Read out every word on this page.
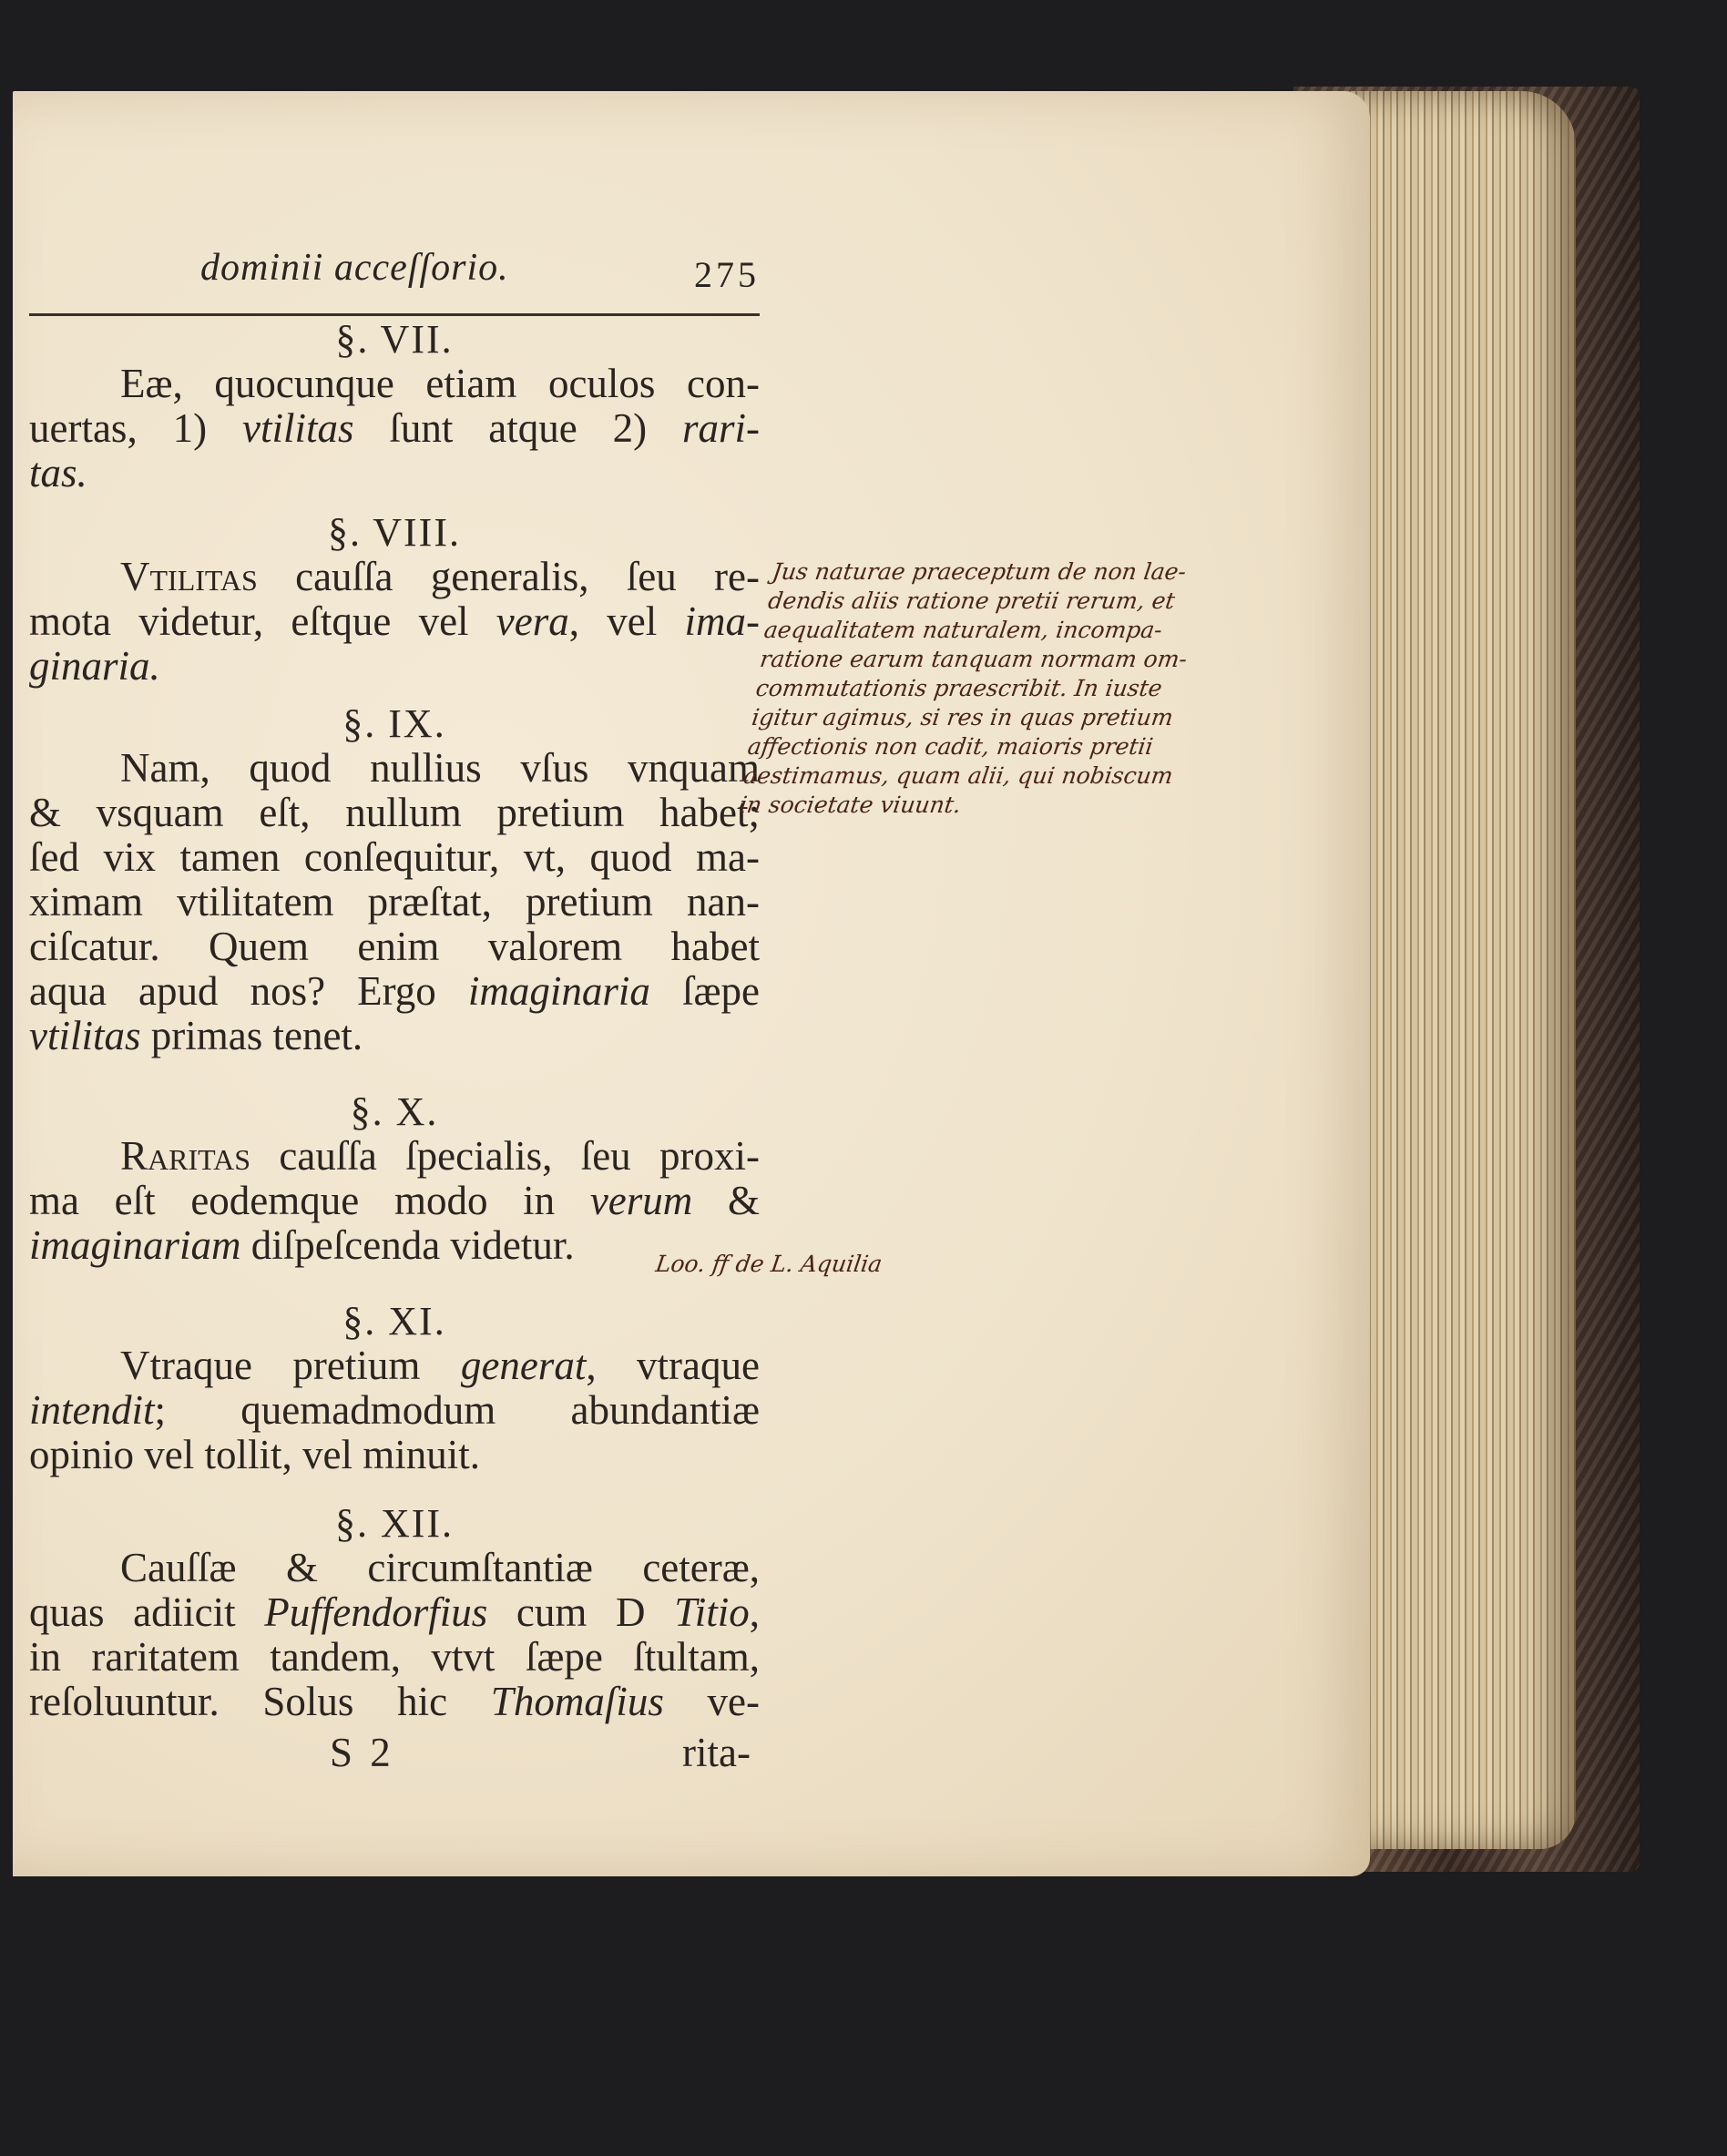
dominii acceſſorio.	275
§. VII.
Eæ, quocunque etiam oculos con-
uertas, 1) vtilitas ſunt atque 2) rari-
tas.
§. VIII.
Vtilitas cauſſa generalis, ſeu re-
mota videtur, eſtque vel vera, vel ima-
ginaria.
§. IX.
Nam, quod nullius vſus vnquam
& vsquam eſt, nullum pretium habet;
ſed vix tamen conſequitur, vt, quod ma-
ximam vtilitatem præſtat, pretium nan-
ciſcatur. Quem enim valorem habet
aqua apud nos? Ergo imaginaria ſæpe
vtilitas primas tenet.
§. X.
Raritas cauſſa ſpecialis, ſeu proxi-
ma eſt eodemque modo in verum &
imaginariam diſpeſcenda videtur.
§. XI.
Vtraque pretium generat, vtraque
intendit; quemadmodum abundantiæ
opinio vel tollit, vel minuit.
§. XII.
Cauſſæ & circumſtantiæ ceteræ,
quas adiicit Puffendorfius cum D Titio,
in raritatem tandem, vtvt ſæpe ſtultam,
reſoluuntur. Solus hic Thomaſius ve-
S 2	rita-
Jus naturae praeceptum de non lae-
dendis aliis ratione pretii rerum, et
aequalitatem naturalem, incompa-
ratione earum tanquam normam om-
commutationis praescribit. In iuste
igitur agimus, si res in quas pretium
affectionis non cadit, maioris pretii
aestimamus, quam alii, qui nobiscum
in societate viuunt.
Loo. ff de L. Aquilia
